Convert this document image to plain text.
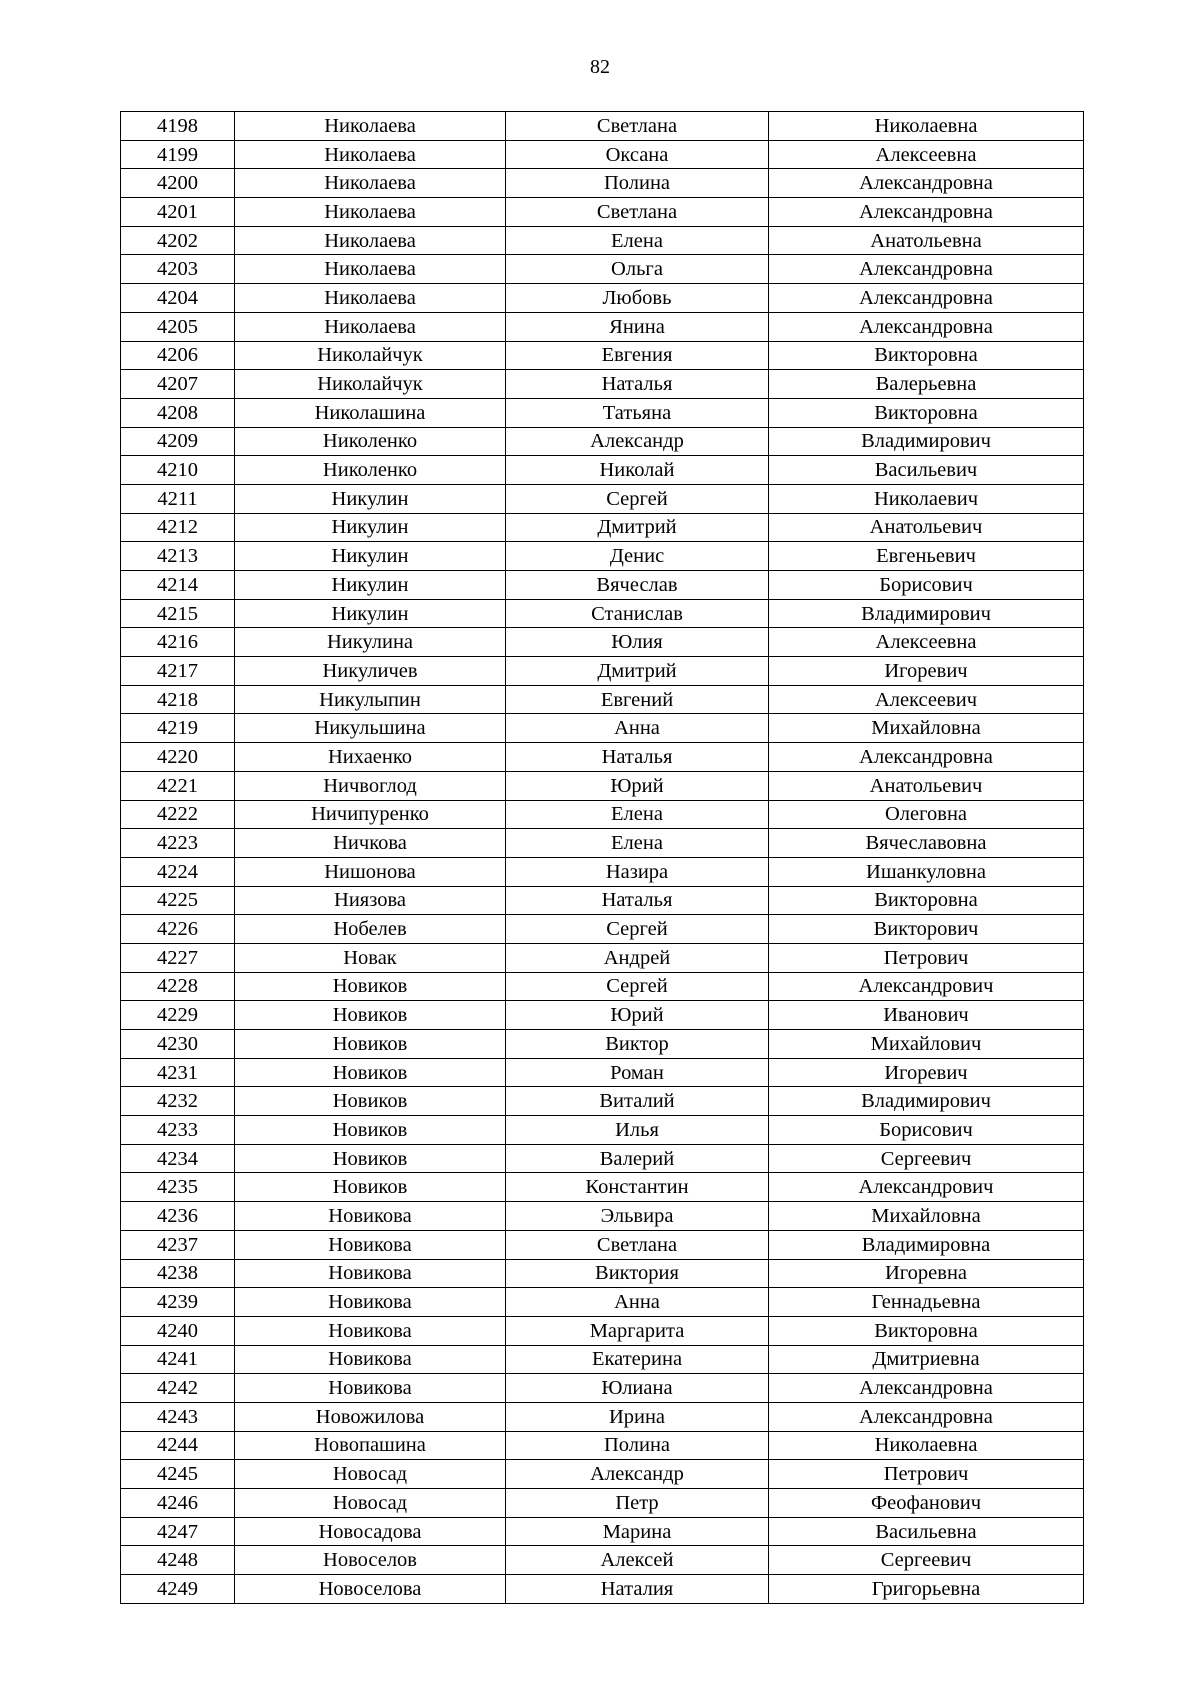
82
4198	Николаева	Светлана	Николаевна
4199	Николаева	Оксана	Алексеевна
4200	Николаева	Полина	Александровна
4201	Николаева	Светлана	Александровна
4202	Николаева	Елена	Анатольевна
4203	Николаева	Ольга	Александровна
4204	Николаева	Любовь	Александровна
4205	Николаева	Янина	Александровна
4206	Николайчук	Евгения	Викторовна
4207	Николайчук	Наталья	Валерьевна
4208	Николашина	Татьяна	Викторовна
4209	Николенко	Александр	Владимирович
4210	Николенко	Николай	Васильевич
4211	Никулин	Сергей	Николаевич
4212	Никулин	Дмитрий	Анатольевич
4213	Никулин	Денис	Евгеньевич
4214	Никулин	Вячеслав	Борисович
4215	Никулин	Станислав	Владимирович
4216	Никулина	Юлия	Алексеевна
4217	Никуличев	Дмитрий	Игоревич
4218	Никулыпин	Евгений	Алексеевич
4219	Никульшина	Анна	Михайловна
4220	Нихаенко	Наталья	Александровна
4221	Ничвоглод	Юрий	Анатольевич
4222	Ничипуренко	Елена	Олеговна
4223	Ничкова	Елена	Вячеславовна
4224	Нишонова	Назира	Ишанкуловна
4225	Ниязова	Наталья	Викторовна
4226	Нобелев	Сергей	Викторович
4227	Новак	Андрей	Петрович
4228	Новиков	Сергей	Александрович
4229	Новиков	Юрий	Иванович
4230	Новиков	Виктор	Михайлович
4231	Новиков	Роман	Игоревич
4232	Новиков	Виталий	Владимирович
4233	Новиков	Илья	Борисович
4234	Новиков	Валерий	Сергеевич
4235	Новиков	Константин	Александрович
4236	Новикова	Эльвира	Михайловна
4237	Новикова	Светлана	Владимировна
4238	Новикова	Виктория	Игоревна
4239	Новикова	Анна	Геннадьевна
4240	Новикова	Маргарита	Викторовна
4241	Новикова	Екатерина	Дмитриевна
4242	Новикова	Юлиана	Александровна
4243	Новожилова	Ирина	Александровна
4244	Новопашина	Полина	Николаевна
4245	Новосад	Александр	Петрович
4246	Новосад	Петр	Феофанович
4247	Новосадова	Марина	Васильевна
4248	Новоселов	Алексей	Сергеевич
4249	Новоселова	Наталия	Григорьевна
